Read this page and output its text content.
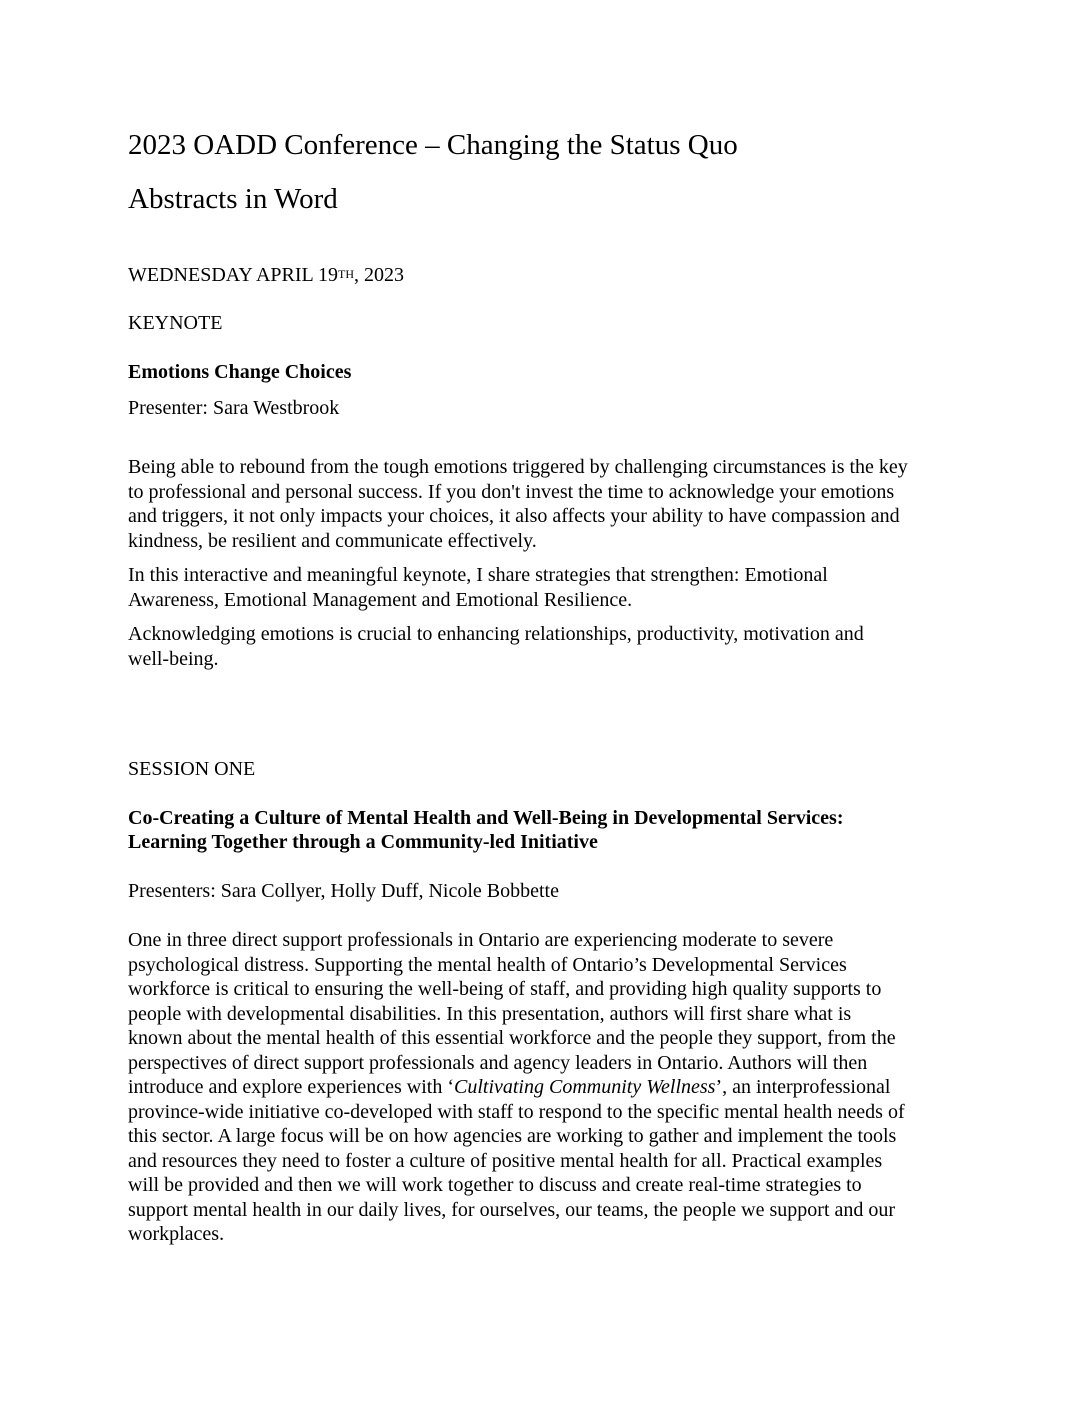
2023 OADD Conference – Changing the Status Quo
Abstracts in Word

WEDNESDAY APRIL 19TH, 2023

KEYNOTE

Emotions Change Choices

Presenter: Sara Westbrook

Being able to rebound from the tough emotions triggered by challenging circumstances is the key
to professional and personal success. If you don't invest the time to acknowledge your emotions
and triggers, it not only impacts your choices, it also affects your ability to have compassion and
kindness, be resilient and communicate effectively.
In this interactive and meaningful keynote, I share strategies that strengthen: Emotional
Awareness, Emotional Management and Emotional Resilience.
Acknowledging emotions is crucial to enhancing relationships, productivity, motivation and
well-being.

SESSION ONE

Co-Creating a Culture of Mental Health and Well-Being in Developmental Services:
Learning Together through a Community-led Initiative

Presenters: Sara Collyer, Holly Duff, Nicole Bobbette

One in three direct support professionals in Ontario are experiencing moderate to severe
psychological distress. Supporting the mental health of Ontario’s Developmental Services
workforce is critical to ensuring the well-being of staff, and providing high quality supports to
people with developmental disabilities. In this presentation, authors will first share what is
known about the mental health of this essential workforce and the people they support, from the
perspectives of direct support professionals and agency leaders in Ontario. Authors will then
introduce and explore experiences with ‘Cultivating Community Wellness’, an interprofessional
province-wide initiative co-developed with staff to respond to the specific mental health needs of
this sector. A large focus will be on how agencies are working to gather and implement the tools
and resources they need to foster a culture of positive mental health for all. Practical examples
will be provided and then we will work together to discuss and create real-time strategies to
support mental health in our daily lives, for ourselves, our teams, the people we support and our
workplaces.
